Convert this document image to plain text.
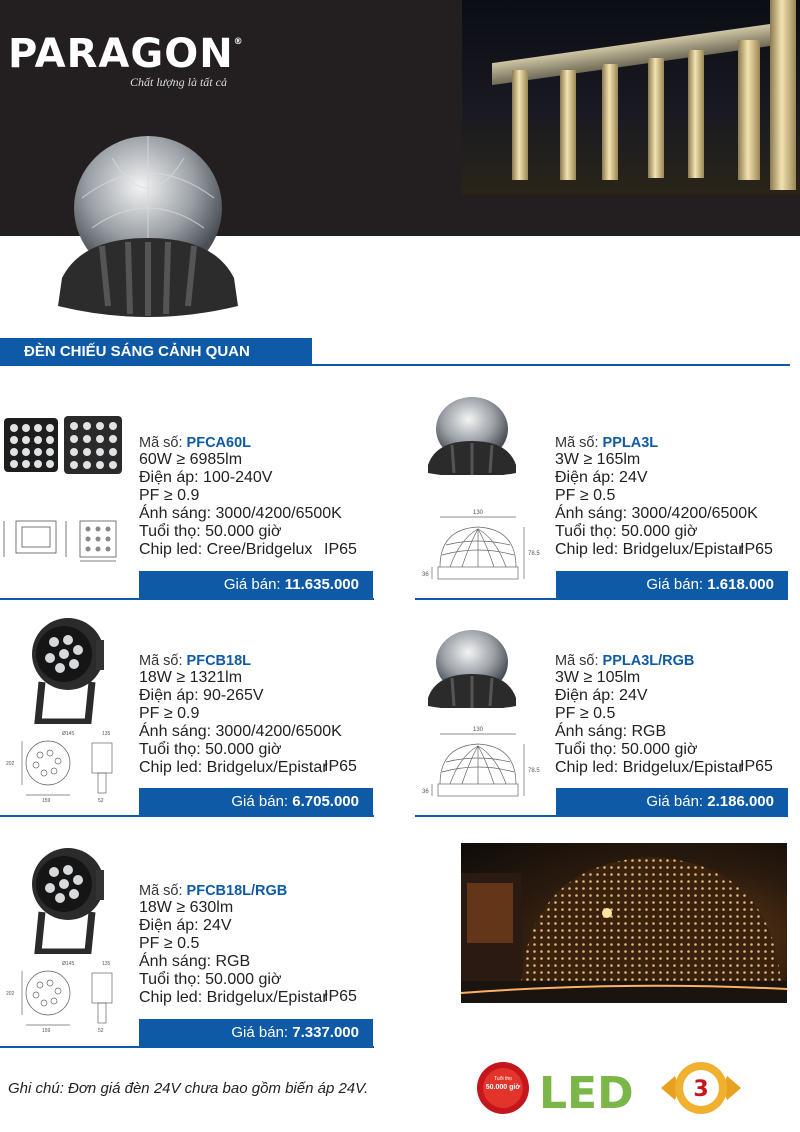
PARAGON®
Chất lượng là tất cả
ĐÈN CHIẾU SÁNG CẢNH QUAN
Mã số: PFCA60L
60W ≥ 6985lm
Điện áp: 100-240V
PF ≥ 0.9
Ánh sáng: 3000/4200/6500K
Tuổi thọ: 50.000 giờ
Chip led: Cree/Bridgelux IP65
Giá bán: 11.635.000
130
78.5
36
Mã số: PPLA3L
3W ≥ 165lm
Điện áp: 24V
PF ≥ 0.5
Ánh sáng: 3000/4200/6500K
Tuổi thọ: 50.000 giờ
Chip led: Bridgelux/Epistar
IP65
Giá bán: 1.618.000
Ø145	135
202
159	52
Mã số: PFCB18L
18W ≥ 1321lm
Điện áp: 90-265V
PF ≥ 0.9
Ánh sáng: 3000/4200/6500K
Tuổi thọ: 50.000 giờ
Chip led: Bridgelux/Epistar
IP65
Giá bán: 6.705.000
130
78.5
36
Mã số: PPLA3L/RGB
3W ≥ 105lm
Điện áp: 24V
PF ≥ 0.5
Ánh sáng: RGB
Tuổi thọ: 50.000 giờ
Chip led: Bridgelux/Epistar
IP65
Giá bán: 2.186.000
Ø145	135
202
159	52
Mã số: PFCB18L/RGB
18W ≥ 630lm
Điện áp: 24V
PF ≥ 0.5
Ánh sáng: RGB
Tuổi thọ: 50.000 giờ
Chip led: Bridgelux/Epistar
IP65
Giá bán: 7.337.000
Ghi chú: Đơn giá đèn 24V chưa bao gồm biến áp 24V.
Tuổi thọ
50.000 giờ LED	3
